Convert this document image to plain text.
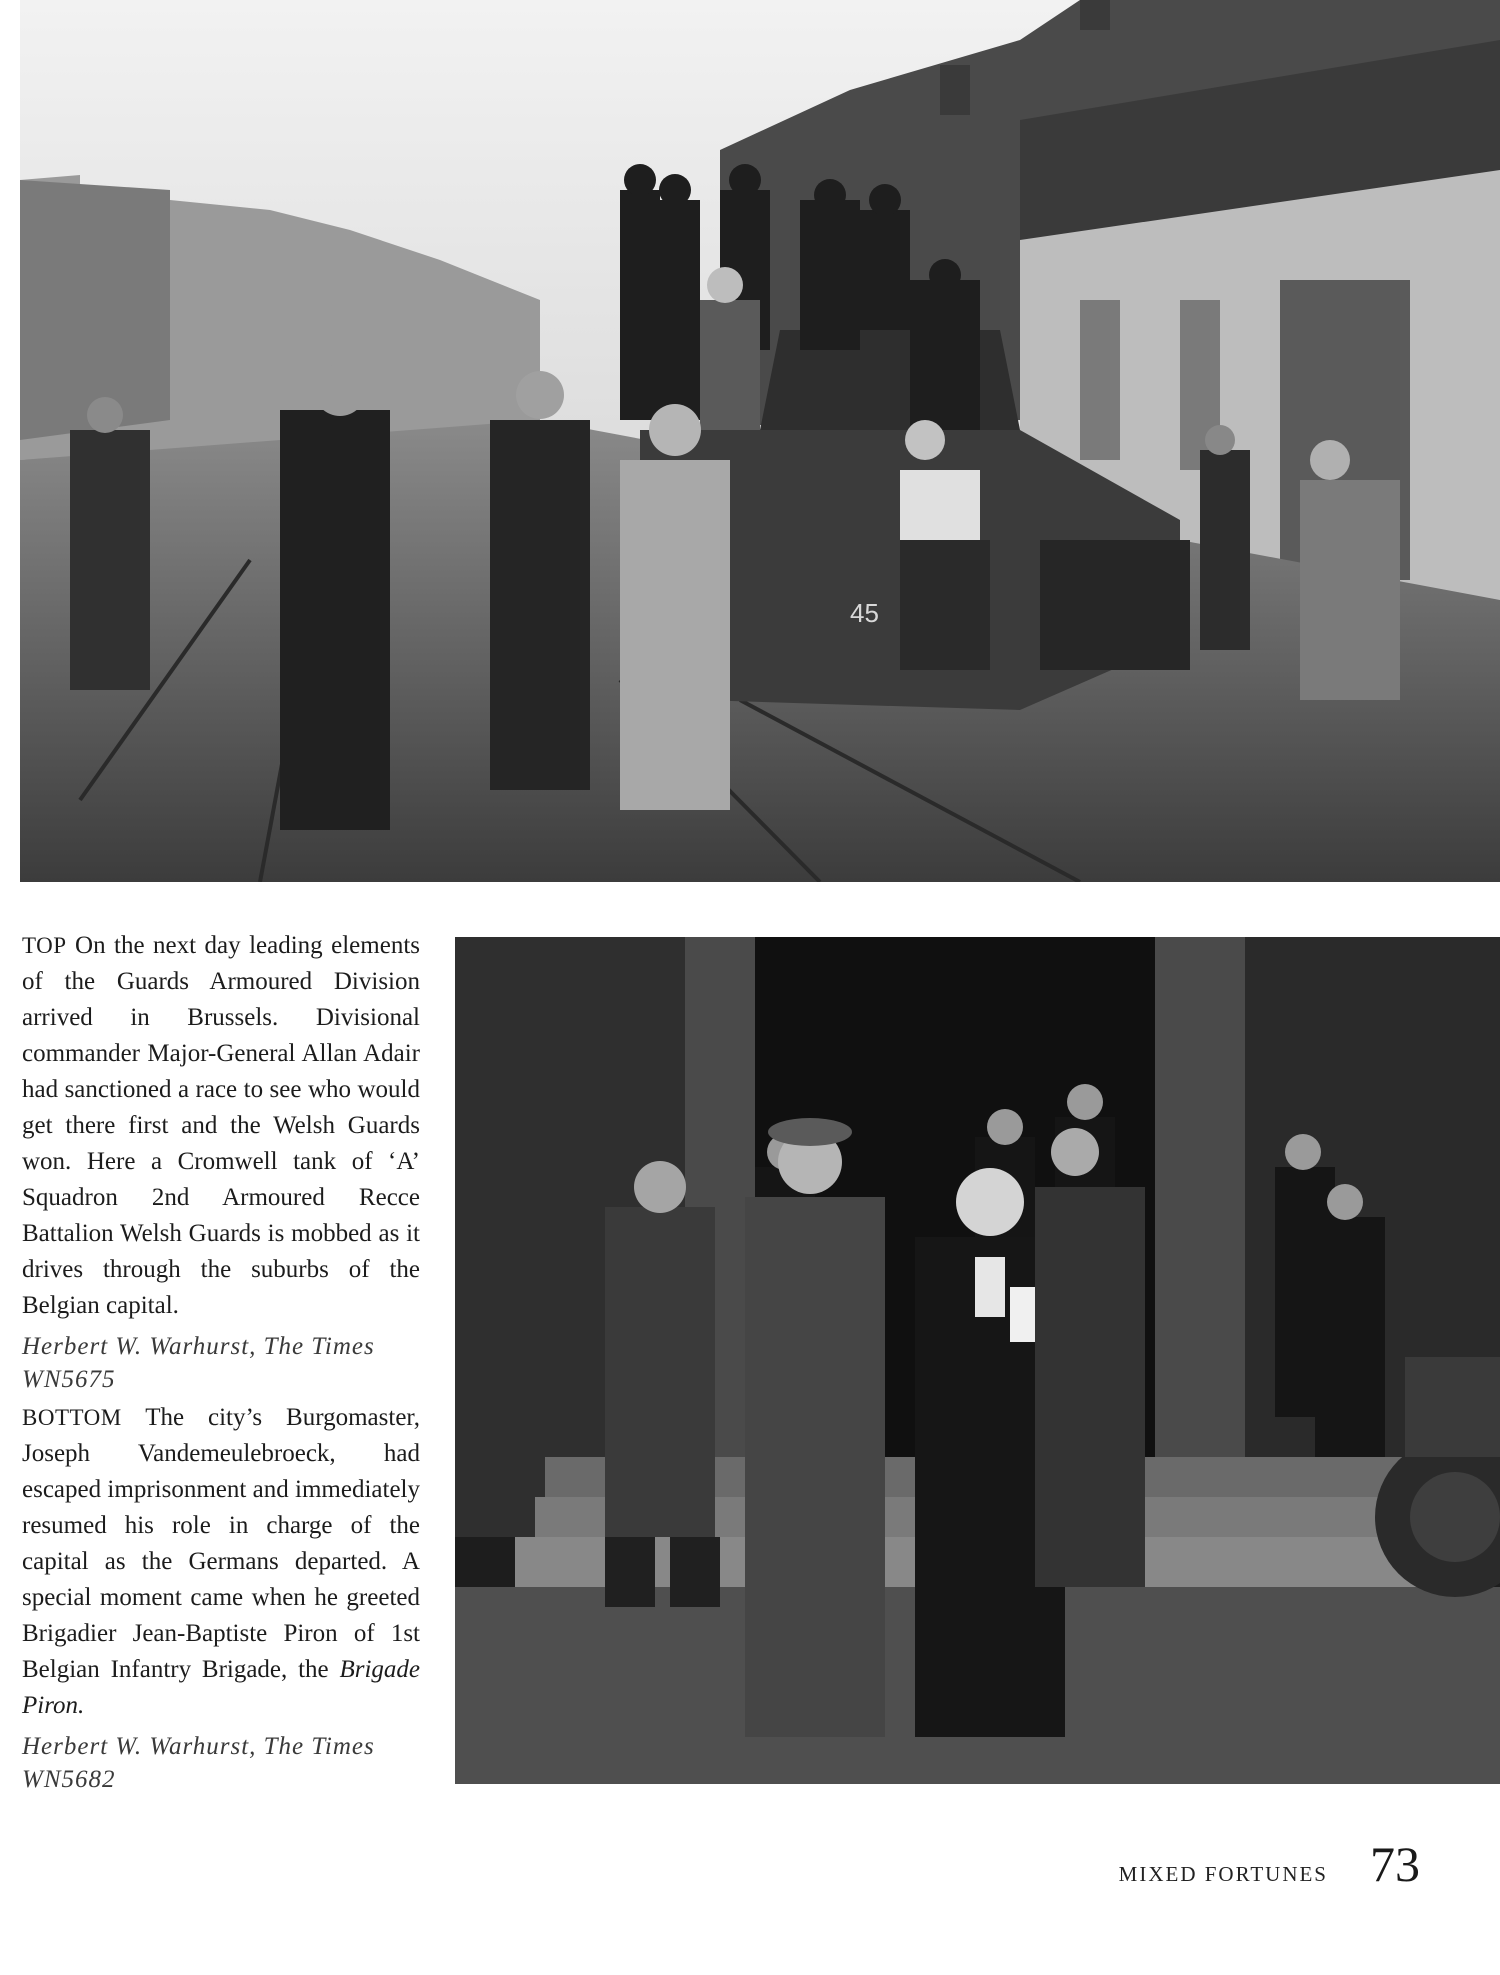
45

TOP On the next day leading elements of the Guards Armoured Division arrived in Brussels. Divisional commander Major-General Allan Adair had sanctioned a race to see who would get there first and the Welsh Guards won. Here a Cromwell tank of ‘A’ Squadron 2nd Armoured Recce Battalion Welsh Guards is mobbed as it drives through the suburbs of the Belgian capital.

Herbert W. Warhurst, The Times
WN5675

BOTTOM The city’s Burgomaster, Joseph Vandemeulebroeck, had escaped imprisonment and immediately resumed his role in charge of the capital as the Germans departed. A special moment came when he greeted Brigadier Jean-Baptiste Piron of 1st Belgian Infantry Brigade, the Brigade Piron.

Herbert W. Warhurst, The Times
WN5682

MIXED FORTUNES 73
